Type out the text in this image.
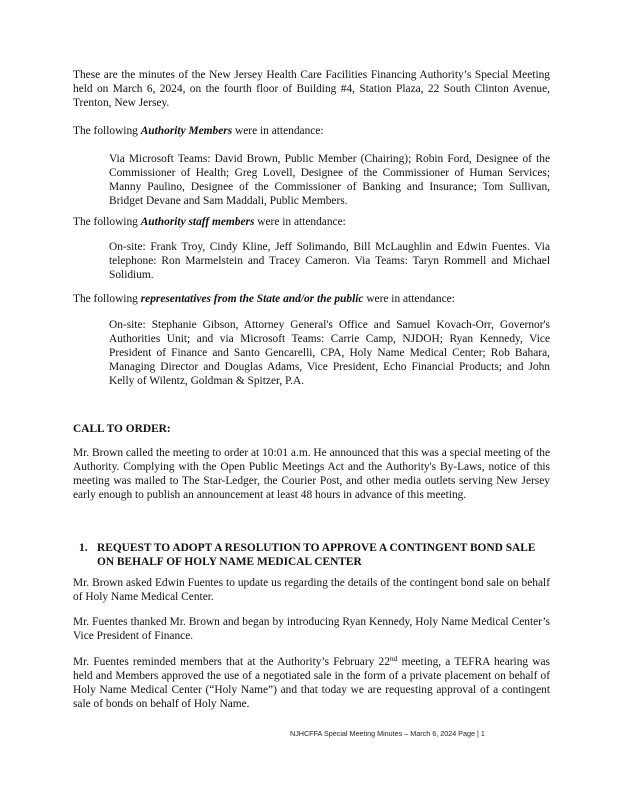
These are the minutes of the New Jersey Health Care Facilities Financing Authority’s Special Meeting held on March 6, 2024, on the fourth floor of Building #4, Station Plaza, 22 South Clinton Avenue, Trenton, New Jersey.

The following Authority Members were in attendance:

Via Microsoft Teams: David Brown, Public Member (Chairing); Robin Ford, Designee of the Commissioner of Health; Greg Lovell, Designee of the Commissioner of Human Services; Manny Paulino, Designee of the Commissioner of Banking and Insurance; Tom Sullivan, Bridget Devane and Sam Maddali, Public Members.

The following Authority staff members were in attendance:

On-site: Frank Troy, Cindy Kline, Jeff Solimando, Bill McLaughlin and Edwin Fuentes. Via telephone: Ron Marmelstein and Tracey Cameron. Via Teams: Taryn Rommell and Michael Solidium.

The following representatives from the State and/or the public were in attendance:

On-site: Stephanie Gibson, Attorney General's Office and Samuel Kovach-Orr, Governor's Authorities Unit; and via Microsoft Teams: Carrie Camp, NJDOH; Ryan Kennedy, Vice President of Finance and Santo Gencarelli, CPA, Holy Name Medical Center; Rob Bahara, Managing Director and Douglas Adams, Vice President, Echo Financial Products; and John Kelly of Wilentz, Goldman & Spitzer, P.A.

CALL TO ORDER:

Mr. Brown called the meeting to order at 10:01 a.m. He announced that this was a special meeting of the Authority. Complying with the Open Public Meetings Act and the Authority's By-Laws, notice of this meeting was mailed to The Star-Ledger, the Courier Post, and other media outlets serving New Jersey early enough to publish an announcement at least 48 hours in advance of this meeting.

1. REQUEST TO ADOPT A RESOLUTION TO APPROVE A CONTINGENT BOND SALE ON BEHALF OF HOLY NAME MEDICAL CENTER

Mr. Brown asked Edwin Fuentes to update us regarding the details of the contingent bond sale on behalf of Holy Name Medical Center.

Mr. Fuentes thanked Mr. Brown and began by introducing Ryan Kennedy, Holy Name Medical Center’s Vice President of Finance.

Mr. Fuentes reminded members that at the Authority’s February 22nd meeting, a TEFRA hearing was held and Members approved the use of a negotiated sale in the form of a private placement on behalf of Holy Name Medical Center (“Holy Name”) and that today we are requesting approval of a contingent sale of bonds on behalf of Holy Name.

NJHCFFA Special Meeting Minutes – March 6, 2024 Page | 1
